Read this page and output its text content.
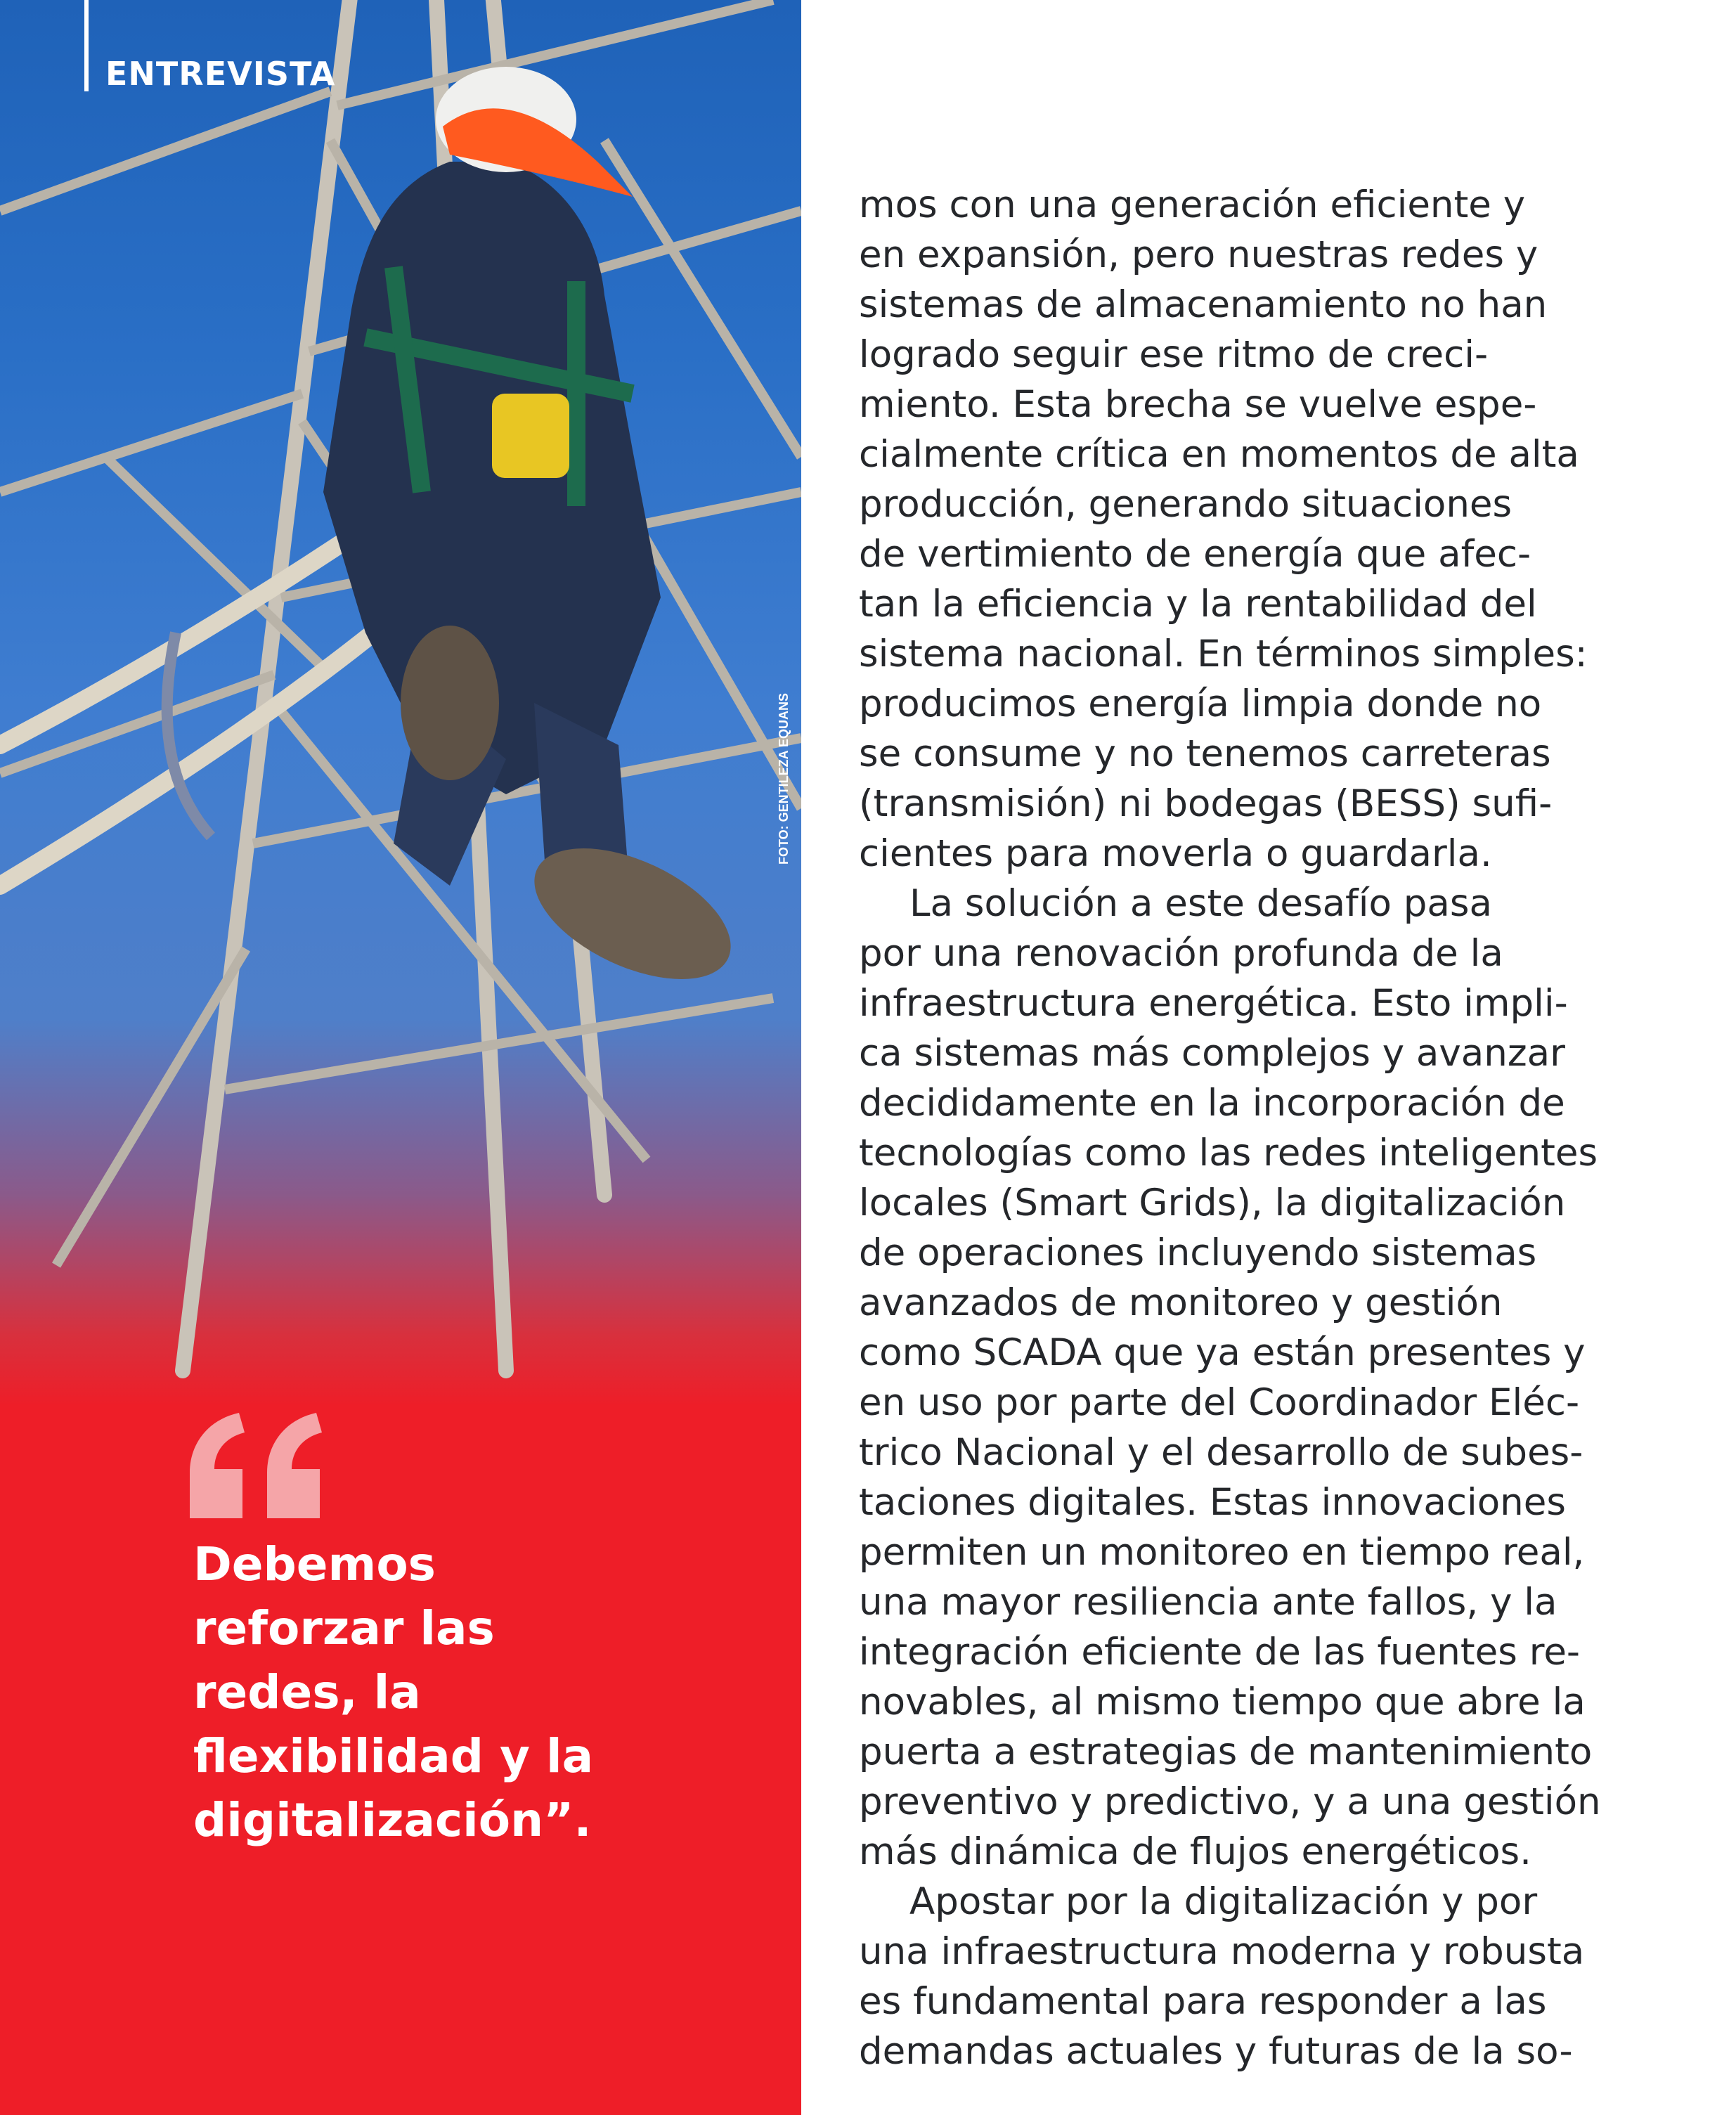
ENTREVISTA
FOTO: GENTILEZA EQUANS

Debemos
reforzar las
redes, la
flexibilidad y la
digitalización”.

mos con una generación eficiente y
en expansión, pero nuestras redes y
sistemas de almacenamiento no han
logrado seguir ese ritmo de creci-
miento. Esta brecha se vuelve espe-
cialmente crítica en momentos de alta
producción, generando situaciones
de vertimiento de energía que afec-
tan la eficiencia y la rentabilidad del
sistema nacional. En términos simples:
producimos energía limpia donde no
se consume y no tenemos carreteras
(transmisión) ni bodegas (BESS) sufi-
cientes para moverla o guardarla.
La solución a este desafío pasa
por una renovación profunda de la
infraestructura energética. Esto impli-
ca sistemas más complejos y avanzar
decididamente en la incorporación de
tecnologías como las redes inteligentes
locales (Smart Grids), la digitalización
de operaciones incluyendo sistemas
avanzados de monitoreo y gestión
como SCADA que ya están presentes y
en uso por parte del Coordinador Eléc-
trico Nacional y el desarrollo de subes-
taciones digitales. Estas innovaciones
permiten un monitoreo en tiempo real,
una mayor resiliencia ante fallos, y la
integración eficiente de las fuentes re-
novables, al mismo tiempo que abre la
puerta a estrategias de mantenimiento
preventivo y predictivo, y a una gestión
más dinámica de flujos energéticos.
Apostar por la digitalización y por
una infraestructura moderna y robusta
es fundamental para responder a las
demandas actuales y futuras de la so-
